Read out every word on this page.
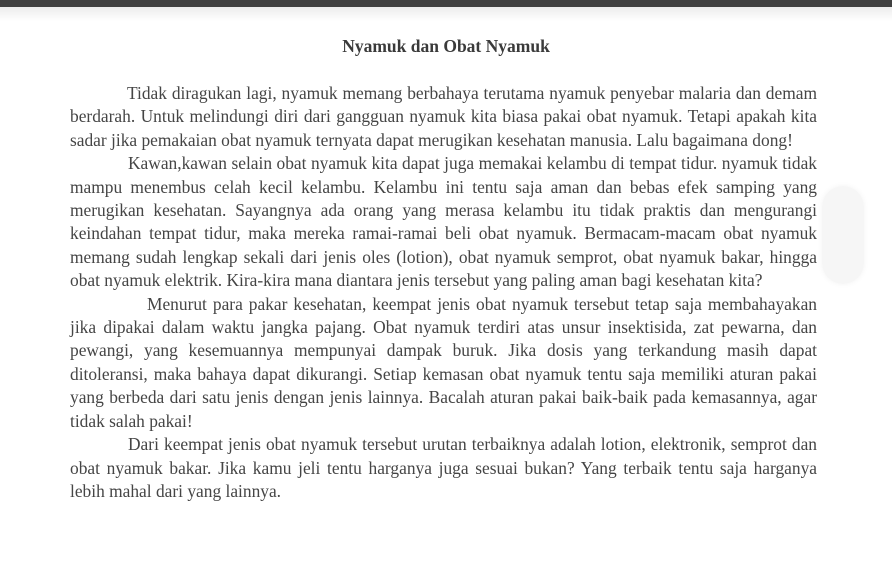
Nyamuk dan Obat Nyamuk

Tidak diragukan lagi, nyamuk memang berbahaya terutama nyamuk penyebar malaria dan demam berdarah. Untuk melindungi diri dari gangguan nyamuk kita biasa pakai obat nyamuk. Tetapi apakah kita sadar jika pemakaian obat nyamuk ternyata dapat merugikan kesehatan manusia. Lalu bagaimana dong!

Kawan,kawan selain obat nyamuk kita dapat juga memakai kelambu di tempat tidur. nyamuk tidak mampu menembus celah kecil kelambu. Kelambu ini tentu saja aman dan bebas efek samping yang merugikan kesehatan. Sayangnya ada orang yang merasa kelambu itu tidak praktis dan mengurangi keindahan tempat tidur, maka mereka ramai-ramai beli obat nyamuk. Bermacam-macam obat nyamuk memang sudah lengkap sekali dari jenis oles (lotion), obat nyamuk semprot, obat nyamuk bakar, hingga obat nyamuk elektrik. Kira-kira mana diantara jenis tersebut yang paling aman bagi kesehatan kita?

Menurut para pakar kesehatan, keempat jenis obat nyamuk tersebut tetap saja membahayakan jika dipakai dalam waktu jangka pajang. Obat nyamuk terdiri atas unsur insektisida, zat pewarna, dan pewangi, yang kesemuannya mempunyai dampak buruk. Jika dosis yang terkandung masih dapat ditoleransi, maka bahaya dapat dikurangi. Setiap kemasan obat nyamuk tentu saja memiliki aturan pakai yang berbeda dari satu jenis dengan jenis lainnya. Bacalah aturan pakai baik-baik pada kemasannya, agar tidak salah pakai!

Dari keempat jenis obat nyamuk tersebut urutan terbaiknya adalah lotion, elektronik, semprot dan obat nyamuk bakar. Jika kamu jeli tentu harganya juga sesuai bukan? Yang terbaik tentu saja harganya lebih mahal dari yang lainnya.
